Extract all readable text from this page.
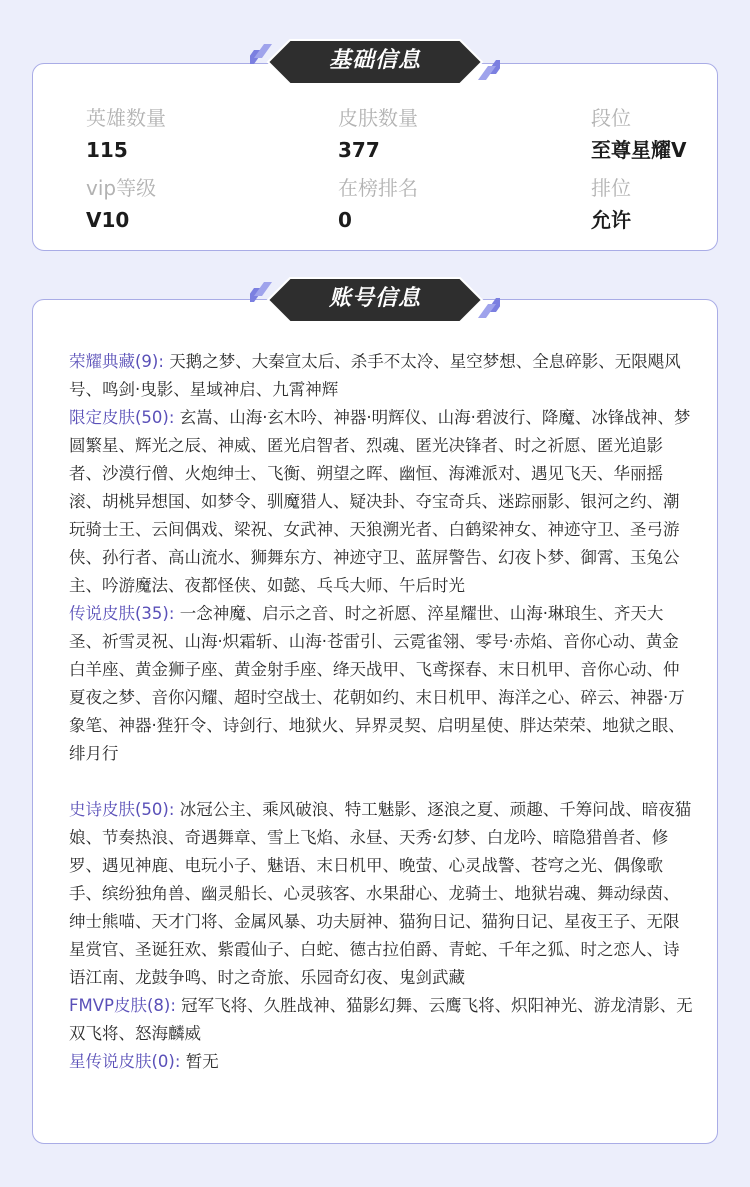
英雄数量
115
皮肤数量
377
段位
至尊星耀V
vip等级
V10
在榜排名
0
排位
允许
基础信息
荣耀典藏(9): 天鹅之梦、大秦宣太后、杀手不太冷、星空梦想、全息碎影、无限飓风号、鸣剑·曳影、星域神启、九霄神辉
限定皮肤(50): 玄嵩、山海·玄木吟、神器·明辉仪、山海·碧波行、降魔、冰锋战神、梦圆繁星、辉光之辰、神威、匿光启智者、烈魂、匿光决锋者、时之祈愿、匿光追影者、沙漠行僧、火炮绅士、飞衡、朔望之晖、幽恒、海滩派对、遇见飞天、华丽摇滚、胡桃异想国、如梦令、驯魔猎人、疑决卦、夺宝奇兵、迷踪丽影、银河之约、潮玩骑士王、云间偶戏、梁祝、女武神、天狼溯光者、白鹤梁神女、神迹守卫、圣弓游侠、孙行者、高山流水、狮舞东方、神迹守卫、蓝屏警告、幻夜卜梦、御霄、玉兔公主、吟游魔法、夜都怪侠、如懿、乓乓大师、午后时光
传说皮肤(35): 一念神魔、启示之音、时之祈愿、淬星耀世、山海·琳琅生、齐天大圣、祈雪灵祝、山海·炽霜斩、山海·苍雷引、云霓雀翎、零号·赤焰、音你心动、黄金白羊座、黄金狮子座、黄金射手座、绛天战甲、飞鸢探春、末日机甲、音你心动、仲夏夜之梦、音你闪耀、超时空战士、花朝如约、末日机甲、海洋之心、碎云、神器·万象笔、神器·狴犴令、诗剑行、地狱火、异界灵契、启明星使、胖达荣荣、地狱之眼、绯月行
史诗皮肤(50): 冰冠公主、乘风破浪、特工魅影、逐浪之夏、顽趣、千筹问战、暗夜猫娘、节奏热浪、奇遇舞章、雪上飞焰、永昼、天秀·幻梦、白龙吟、暗隐猎兽者、修罗、遇见神鹿、电玩小子、魅语、末日机甲、晚萤、心灵战警、苍穹之光、偶像歌手、缤纷独角兽、幽灵船长、心灵骇客、水果甜心、龙骑士、地狱岩魂、舞动绿茵、绅士熊喵、天才门将、金属风暴、功夫厨神、猫狗日记、猫狗日记、星夜王子、无限星赏官、圣诞狂欢、紫霞仙子、白蛇、德古拉伯爵、青蛇、千年之狐、时之恋人、诗语江南、龙鼓争鸣、时之奇旅、乐园奇幻夜、鬼剑武藏
FMVP皮肤(8): 冠军飞将、久胜战神、猫影幻舞、云鹰飞将、炽阳神光、游龙清影、无双飞将、怒海麟威
星传说皮肤(0): 暂无
账号信息
